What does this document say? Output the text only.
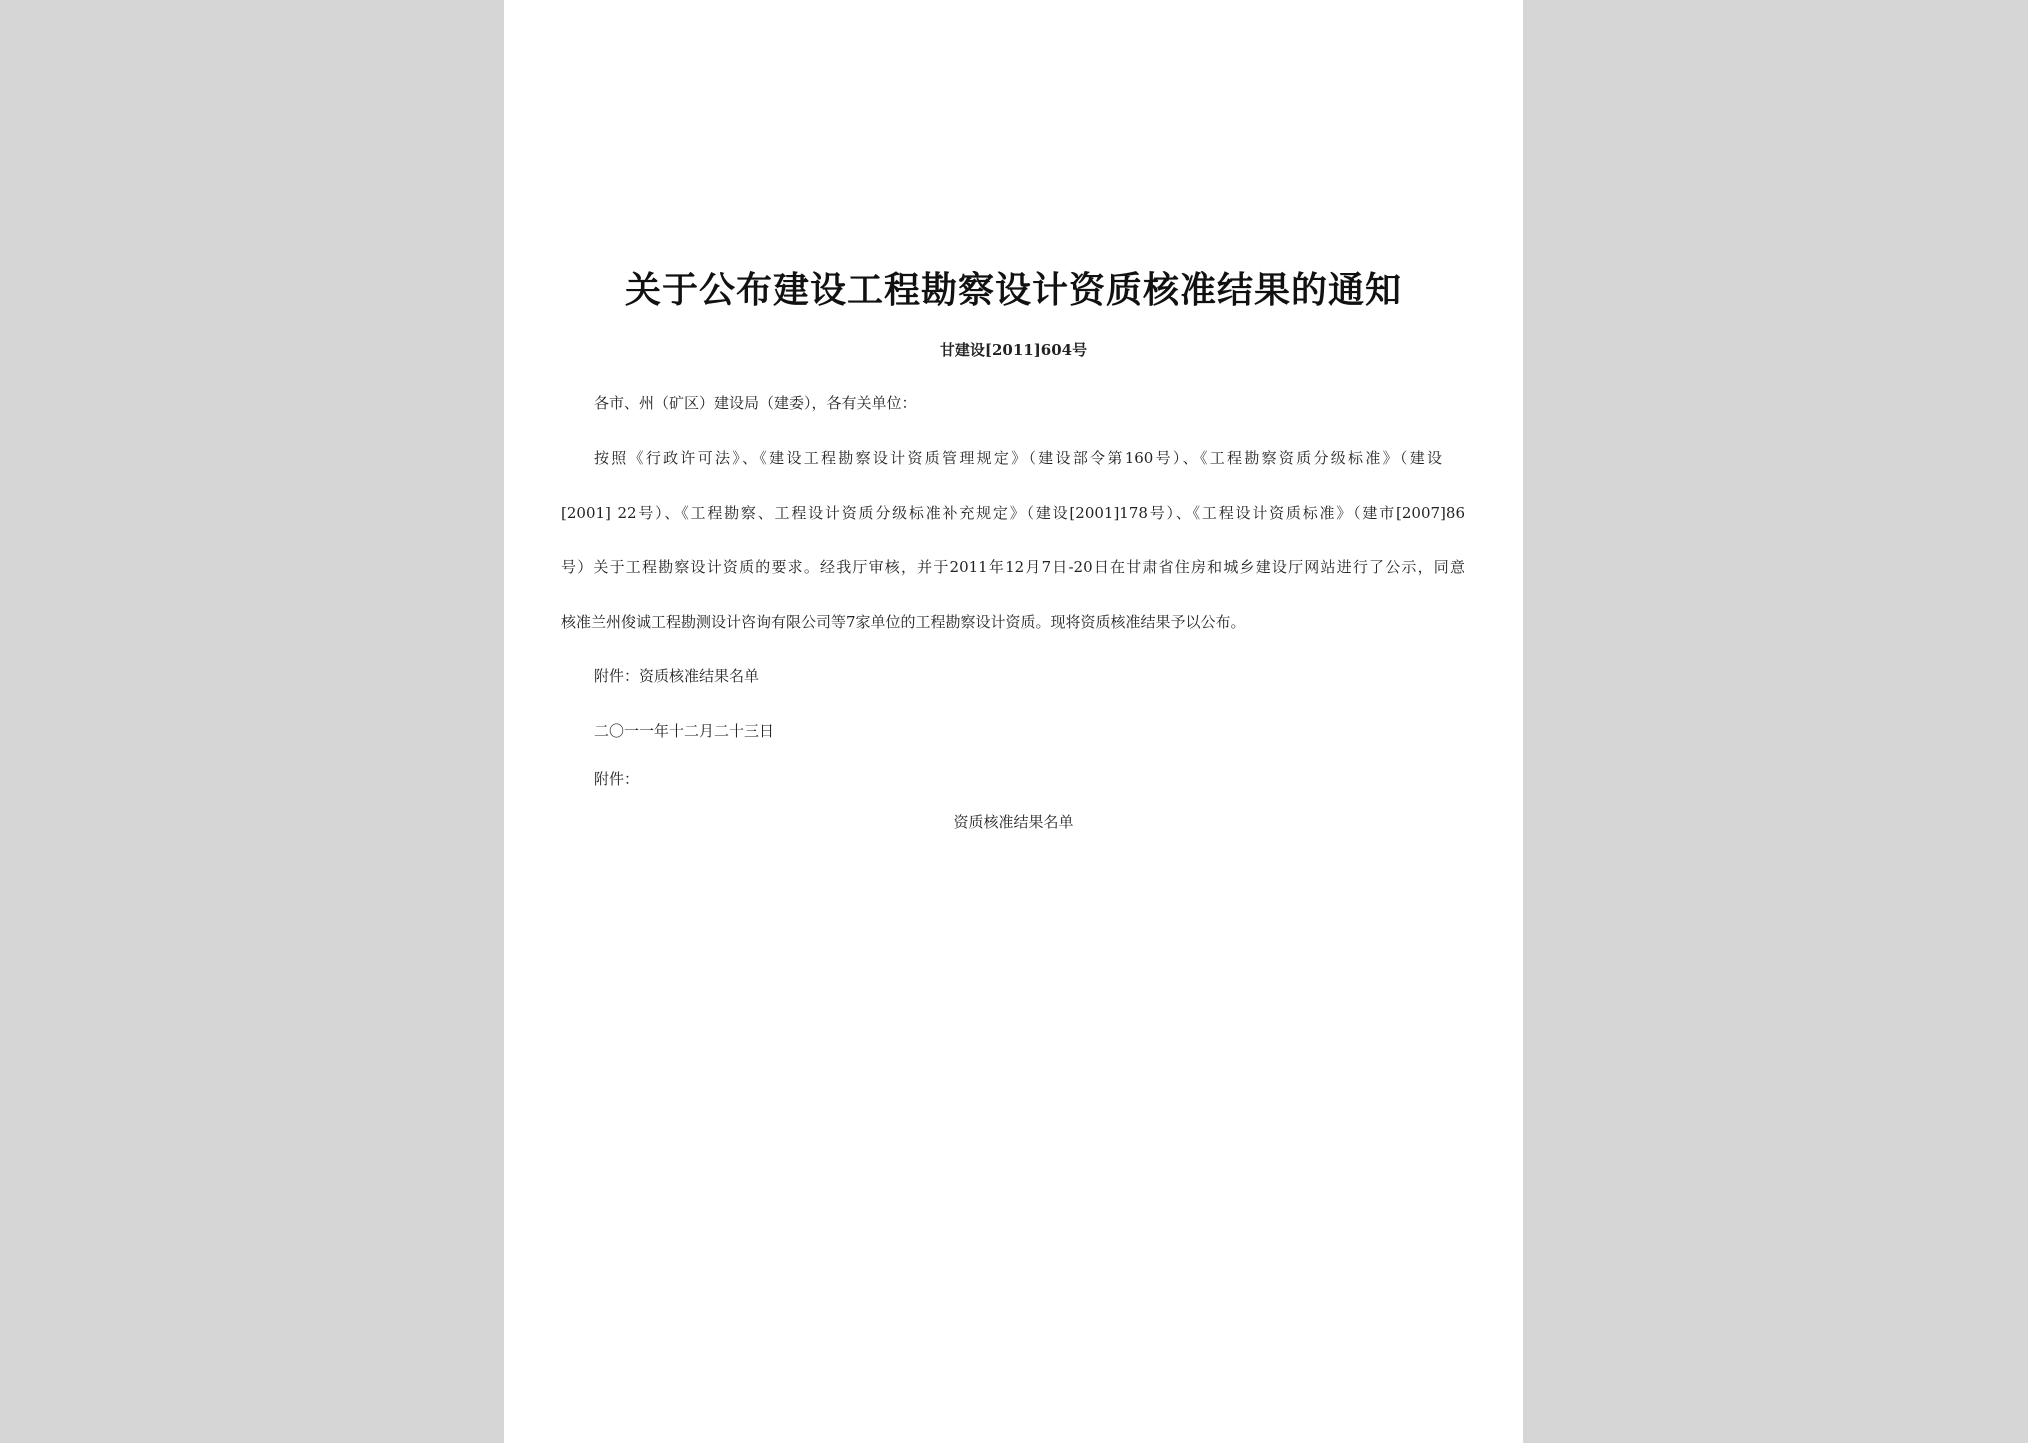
关于公布建设工程勘察设计资质核准结果的通知
甘建设[2011]604号
各市、州（矿区）建设局（建委），各有关单位：
按照《行政许可法》、《建设工程勘察设计资质管理规定》（建设部令第160号）、《工程勘察资质分级标准》（建设
[2001] 22号）、《工程勘察、工程设计资质分级标准补充规定》（建设[2001]178号）、《工程设计资质标准》（建市[2007]86
号）关于工程勘察设计资质的要求。经我厅审核，并于2011年12月7日-20日在甘肃省住房和城乡建设厅网站进行了公示，同意
核准兰州俊诚工程勘测设计咨询有限公司等7家单位的工程勘察设计资质。现将资质核准结果予以公布。
附件：资质核准结果名单
二〇一一年十二月二十三日
附件：
资质核准结果名单
